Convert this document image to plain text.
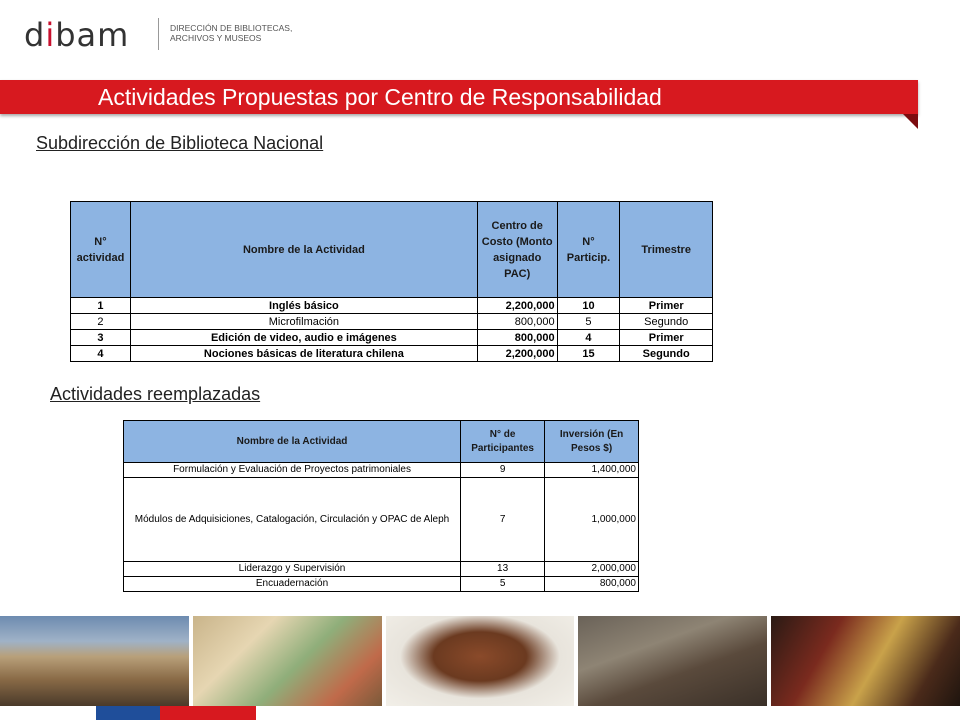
dibam	DIRECCIÓN DE BIBLIOTECAS,
ARCHIVOS Y MUSEOS
Actividades Propuestas por Centro de Responsabilidad
Subdirección de Biblioteca Nacional
N° actividad	Nombre de la Actividad	Centro de Costo (Monto asignado PAC)	N° Particip.	Trimestre
1	Inglés básico	2,200,000	10	Primer
2	Microfilmación	800,000	5	Segundo
3	Edición de video, audio e imágenes	800,000	4	Primer
4	Nociones básicas de literatura chilena	2,200,000	15	Segundo
Actividades reemplazadas
Nombre de la Actividad	N° de Participantes	Inversión (En Pesos $)
Formulación y Evaluación de Proyectos patrimoniales	9	1,400,000
Módulos de Adquisiciones, Catalogación, Circulación y OPAC de Aleph	7	1,000,000
Liderazgo y Supervisión	13	2,000,000
Encuadernación	5	800,000
